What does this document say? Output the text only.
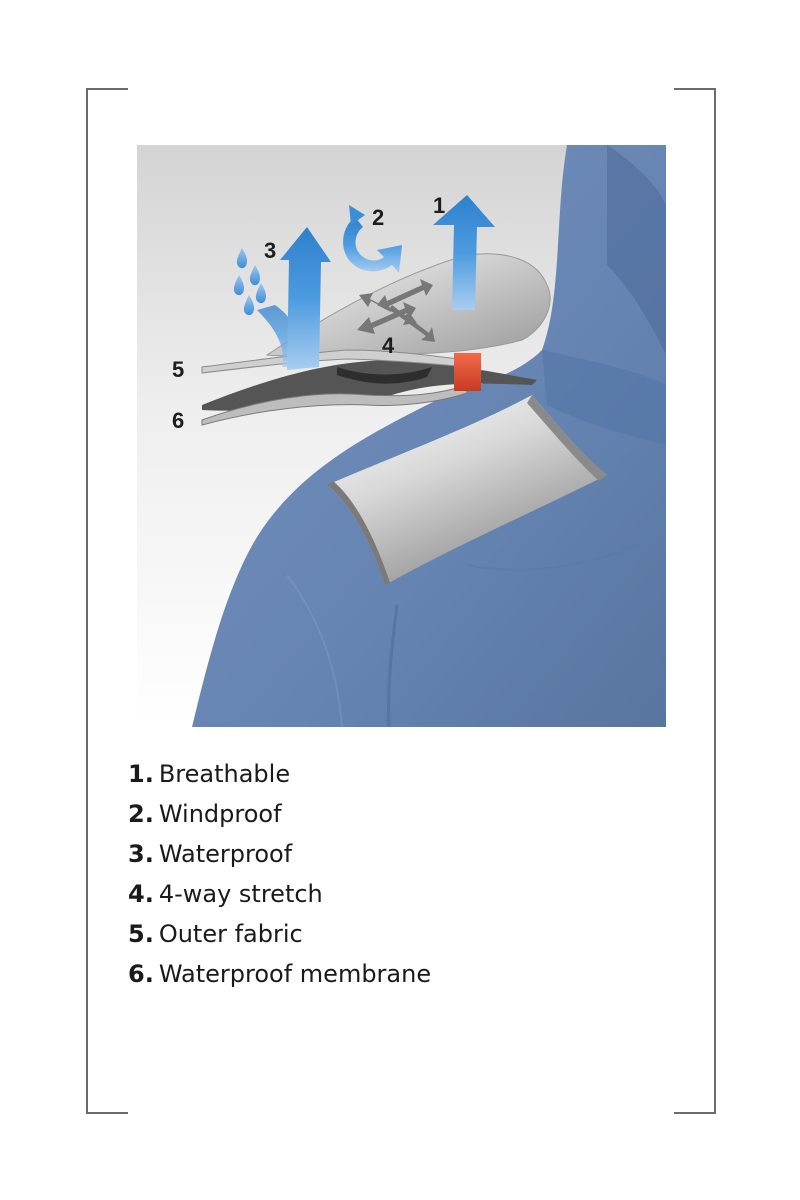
1
2
3
4
5
6
1. Breathable
2. Windproof
3. Waterproof
4. 4-way stretch
5. Outer fabric
6. Waterproof membrane
